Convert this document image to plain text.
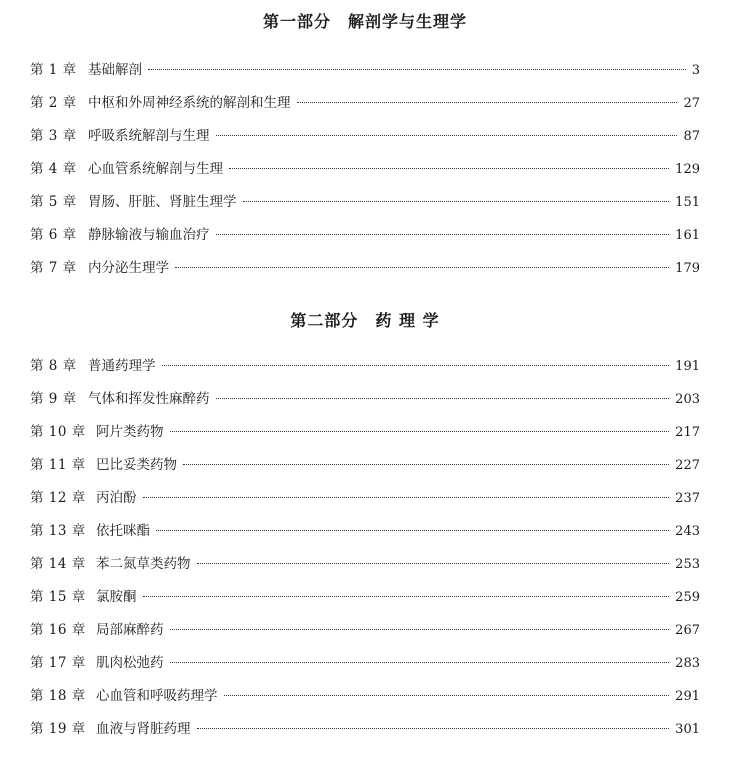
第一部分　解剖学与生理学
第 1 章 基础解剖	3
第 2 章 中枢和外周神经系统的解剖和生理	27
第 3 章 呼吸系统解剖与生理	87
第 4 章 心血管系统解剖与生理	129
第 5 章 胃肠、肝脏、肾脏生理学	151
第 6 章 静脉输液与输血治疗	161
第 7 章 内分泌生理学	179
第二部分　药 理 学
第 8 章 普通药理学	191
第 9 章 气体和挥发性麻醉药	203
第 10 章 阿片类药物	217
第 11 章 巴比妥类药物	227
第 12 章 丙泊酚	237
第 13 章 依托咪酯	243
第 14 章 苯二氮草类药物	253
第 15 章 氯胺酮	259
第 16 章 局部麻醉药	267
第 17 章 肌肉松弛药	283
第 18 章 心血管和呼吸药理学	291
第 19 章 血液与肾脏药理	301
